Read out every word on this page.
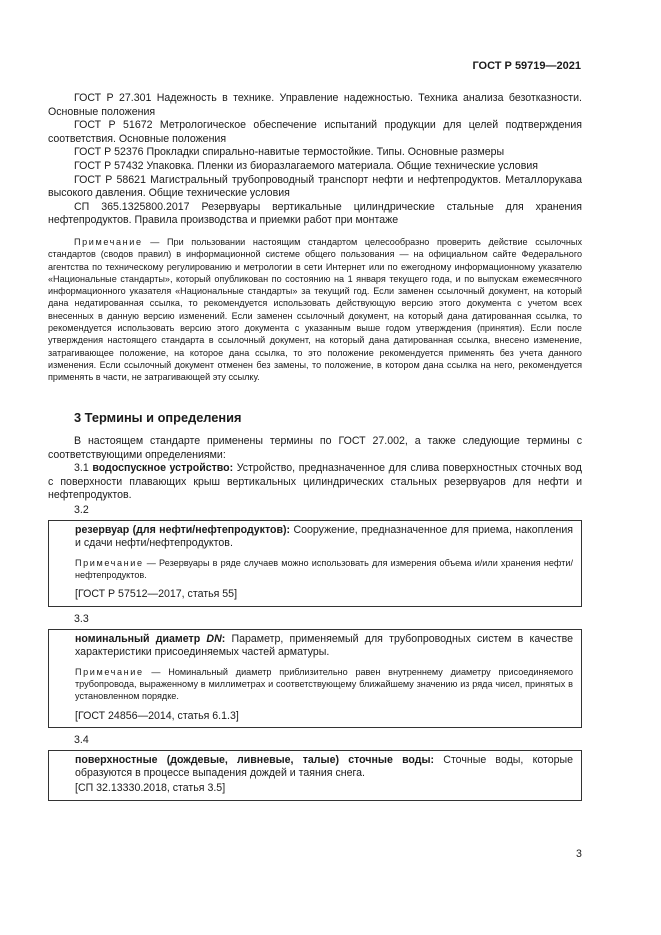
ГОСТ Р 59719—2021

ГОСТ Р 27.301 Надежность в технике. Управление надежностью. Техника анализа безотказности. Основные положения

ГОСТ Р 51672 Метрологическое обеспечение испытаний продукции для целей подтверждения соответствия. Основные положения

ГОСТ Р 52376 Прокладки спирально-навитые термостойкие. Типы. Основные размеры

ГОСТ Р 57432 Упаковка. Пленки из биоразлагаемого материала. Общие технические условия

ГОСТ Р 58621 Магистральный трубопроводный транспорт нефти и нефтепродуктов. Металлорукава высокого давления. Общие технические условия

СП 365.1325800.2017 Резервуары вертикальные цилиндрические стальные для хранения нефтепродуктов. Правила производства и приемки работ при монтаже

Примечание — При пользовании настоящим стандартом целесообразно проверить действие ссылочных стандартов (сводов правил) в информационной системе общего пользования — на официальном сайте Федерального агентства по техническому регулированию и метрологии в сети Интернет или по ежегодному информационному указателю «Национальные стандарты», который опубликован по состоянию на 1 января текущего года, и по выпускам ежемесячного информационного указателя «Национальные стандарты» за текущий год. Если заменен ссылочный документ, на который дана недатированная ссылка, то рекомендуется использовать действующую версию этого документа с учетом всех внесенных в данную версию изменений. Если заменен ссылочный документ, на который дана датированная ссылка, то рекомендуется использовать версию этого документа с указанным выше годом утверждения (принятия). Если после утверждения настоящего стандарта в ссылочный документ, на который дана датированная ссылка, внесено изменение, затрагивающее положение, на которое дана ссылка, то это положение рекомендуется применять без учета данного изменения. Если ссылочный документ отменен без замены, то положение, в котором дана ссылка на него, рекомендуется применять в части, не затрагивающей эту ссылку.

3 Термины и определения

В настоящем стандарте применены термины по ГОСТ 27.002, а также следующие термины с соответствующими определениями:

3.1 водоспускное устройство: Устройство, предназначенное для слива поверхностных сточных вод с поверхности плавающих крыш вертикальных цилиндрических стальных резервуаров для нефти и нефтепродуктов.

3.2

резервуар (для нефти/нефтепродуктов): Сооружение, предназначенное для приема, накопления и сдачи нефти/нефтепродуктов.

Примечание — Резервуары в ряде случаев можно использовать для измерения объема и/или хранения нефти/нефтепродуктов.

[ГОСТ Р 57512—2017, статья 55]

3.3

номинальный диаметр DN: Параметр, применяемый для трубопроводных систем в качестве характеристики присоединяемых частей арматуры.

Примечание — Номинальный диаметр приблизительно равен внутреннему диаметру присоединяемого трубопровода, выраженному в миллиметрах и соответствующему ближайшему значению из ряда чисел, принятых в установленном порядке.

[ГОСТ 24856—2014, статья 6.1.3]

3.4

поверхностные (дождевые, ливневые, талые) сточные воды: Сточные воды, которые образуются в процессе выпадения дождей и таяния снега.

[СП 32.13330.2018, статья 3.5]

3
